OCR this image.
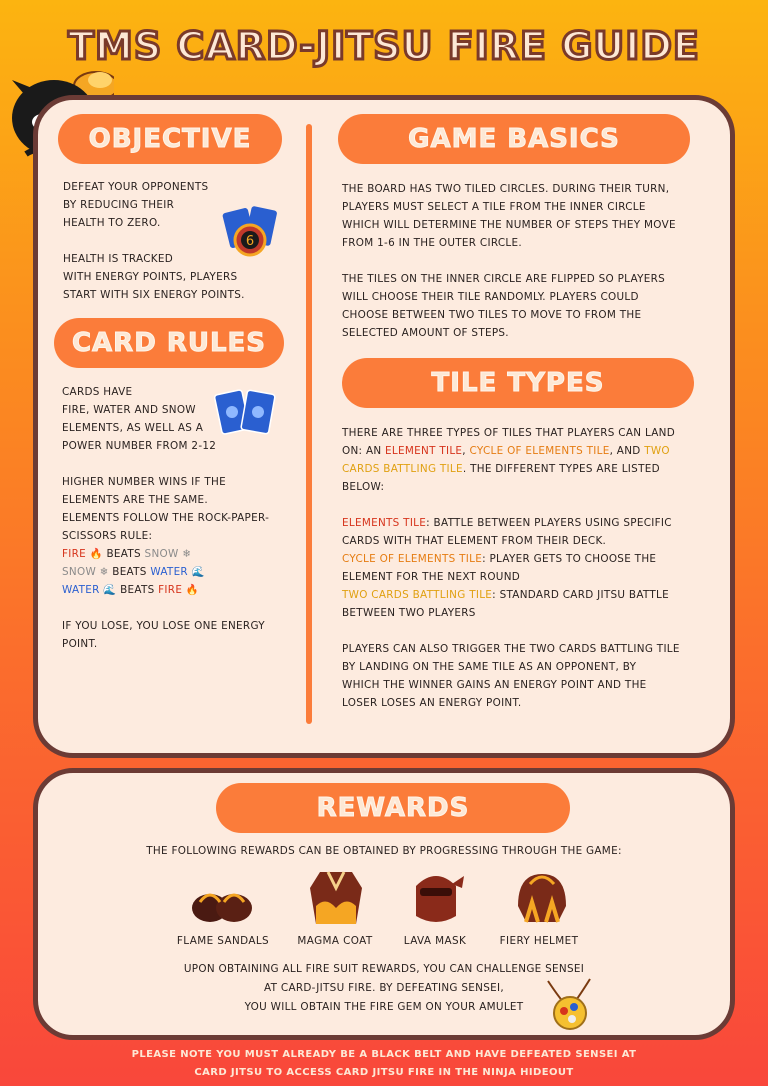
TMS CARD-JITSU FIRE GUIDE
OBJECTIVE	GAME BASICS
CARD RULES
TILE TYPES
REWARDS
DEFEAT YOUR OPPONENTS
BY REDUCING THEIR
HEALTH TO ZERO.
HEALTH IS TRACKED
WITH ENERGY POINTS, PLAYERS
START WITH SIX ENERGY POINTS.
6
CARDS HAVE
FIRE, WATER AND SNOW
ELEMENTS, AS WELL AS A
POWER NUMBER FROM 2-12
HIGHER NUMBER WINS IF THE
ELEMENTS ARE THE SAME.
ELEMENTS FOLLOW THE ROCK-PAPER-
SCISSORS RULE:
FIRE 🔥 BEATS SNOW ❄
SNOW ❄ BEATS WATER 🌊
WATER 🌊 BEATS FIRE 🔥
IF YOU LOSE, YOU LOSE ONE ENERGY
POINT.
THE BOARD HAS TWO TILED CIRCLES. DURING THEIR TURN,
PLAYERS MUST SELECT A TILE FROM THE INNER CIRCLE
WHICH WILL DETERMINE THE NUMBER OF STEPS THEY MOVE
FROM 1-6 IN THE OUTER CIRCLE.
THE TILES ON THE INNER CIRCLE ARE FLIPPED SO PLAYERS
WILL CHOOSE THEIR TILE RANDOMLY. PLAYERS COULD
CHOOSE BETWEEN TWO TILES TO MOVE TO FROM THE
SELECTED AMOUNT OF STEPS.
THERE ARE THREE TYPES OF TILES THAT PLAYERS CAN LAND
ON: AN ELEMENT TILE, CYCLE OF ELEMENTS TILE, AND TWO
CARDS BATTLING TILE. THE DIFFERENT TYPES ARE LISTED
BELOW:
ELEMENTS TILE: BATTLE BETWEEN PLAYERS USING SPECIFIC
CARDS WITH THAT ELEMENT FROM THEIR DECK.
CYCLE OF ELEMENTS TILE: PLAYER GETS TO CHOOSE THE
ELEMENT FOR THE NEXT ROUND
TWO CARDS BATTLING TILE: STANDARD CARD JITSU BATTLE
BETWEEN TWO PLAYERS
PLAYERS CAN ALSO TRIGGER THE TWO CARDS BATTLING TILE
BY LANDING ON THE SAME TILE AS AN OPPONENT, BY
WHICH THE WINNER GAINS AN ENERGY POINT AND THE
LOSER LOSES AN ENERGY POINT.
THE FOLLOWING REWARDS CAN BE OBTAINED BY PROGRESSING THROUGH THE GAME:
FLAME SANDALS	MAGMA COAT	LAVA MASK	FIERY HELMET
UPON OBTAINING ALL FIRE SUIT REWARDS, YOU CAN CHALLENGE SENSEI
AT CARD-JITSU FIRE. BY DEFEATING SENSEI,
YOU WILL OBTAIN THE FIRE GEM ON YOUR AMULET
PLEASE NOTE YOU MUST ALREADY BE A BLACK BELT AND HAVE DEFEATED SENSEI AT
CARD JITSU TO ACCESS CARD JITSU FIRE IN THE NINJA HIDEOUT
